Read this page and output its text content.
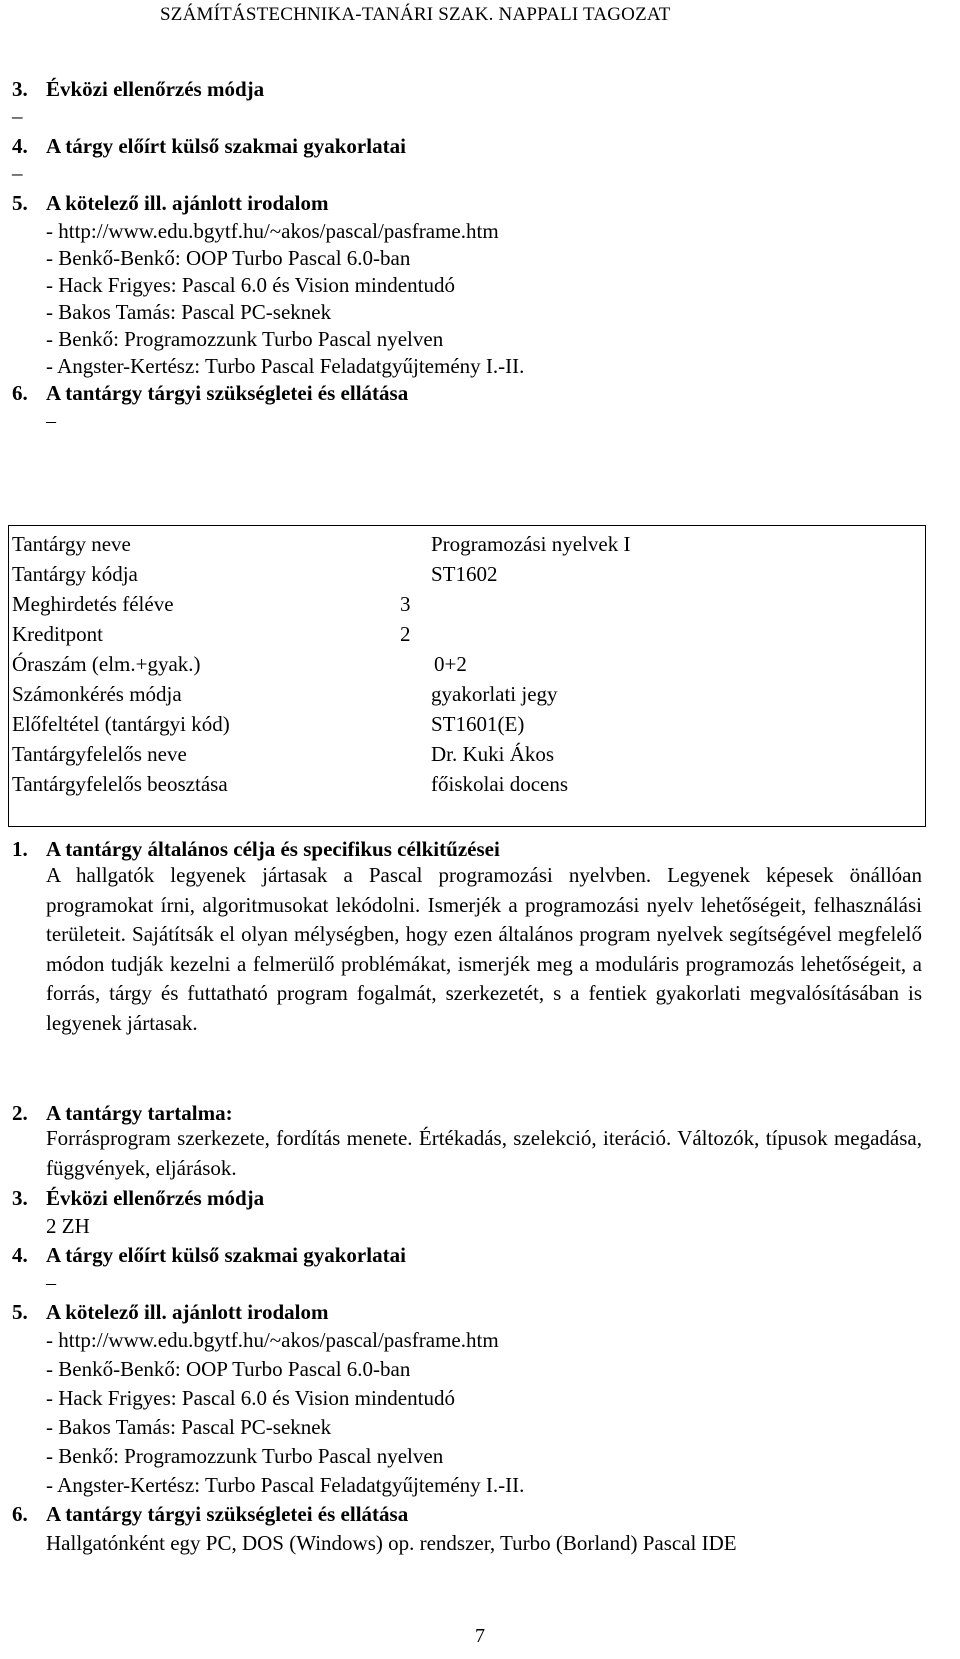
SZÁMÍTÁSTECHNIKA-TANÁRI SZAK. NAPPALI TAGOZAT
3. Évközi ellenőrzés módja
–
4. A tárgy előírt külső szakmai gyakorlatai
–
5. A kötelező ill. ajánlott irodalom
- http://www.edu.bgytf.hu/~akos/pascal/pasframe.htm
- Benkő-Benkő: OOP Turbo Pascal 6.0-ban
- Hack Frigyes: Pascal 6.0 és Vision mindentudó
- Bakos Tamás: Pascal PC-seknek
- Benkő: Programozzunk Turbo Pascal nyelven
- Angster-Kertész: Turbo Pascal Feladatgyűjtemény I.-II.
6. A tantárgy tárgyi szükségletei és ellátása
–
Tantárgy neve	Programozási nyelvek I
Tantárgy kódja	ST1602
Meghirdetés féléve	3
Kreditpont	2
Óraszám (elm.+gyak.)	0+2
Számonkérés módja	gyakorlati jegy
Előfeltétel (tantárgyi kód)	ST1601(E)
Tantárgyfelelős neve	Dr. Kuki Ákos
Tantárgyfelelős beosztása	főiskolai docens
1. A tantárgy általános célja és specifikus célkitűzései
A hallgatók legyenek jártasak a Pascal programozási nyelvben. Legyenek képesek önállóan programokat írni, algoritmusokat lekódolni. Ismerjék a programozási nyelv lehetőségeit, felhasználási területeit. Sajátítsák el olyan mélységben, hogy ezen általános program nyelvek segítségével megfelelő módon tudják kezelni a felmerülő problémákat, ismerjék meg a moduláris programozás lehetőségeit, a forrás, tárgy és futtatható program fogalmát, szerkezetét, s a fentiek gyakorlati megvalósításában is legyenek jártasak.
2. A tantárgy tartalma:
Forrásprogram szerkezete, fordítás menete. Értékadás, szelekció, iteráció. Változók, típusok megadása, függvények, eljárások.
3. Évközi ellenőrzés módja
2 ZH
4. A tárgy előírt külső szakmai gyakorlatai
–
5. A kötelező ill. ajánlott irodalom
- http://www.edu.bgytf.hu/~akos/pascal/pasframe.htm
- Benkő-Benkő: OOP Turbo Pascal 6.0-ban
- Hack Frigyes: Pascal 6.0 és Vision mindentudó
- Bakos Tamás: Pascal PC-seknek
- Benkő: Programozzunk Turbo Pascal nyelven
- Angster-Kertész: Turbo Pascal Feladatgyűjtemény I.-II.
6. A tantárgy tárgyi szükségletei és ellátása
Hallgatónként egy PC, DOS (Windows) op. rendszer, Turbo (Borland) Pascal IDE
7
